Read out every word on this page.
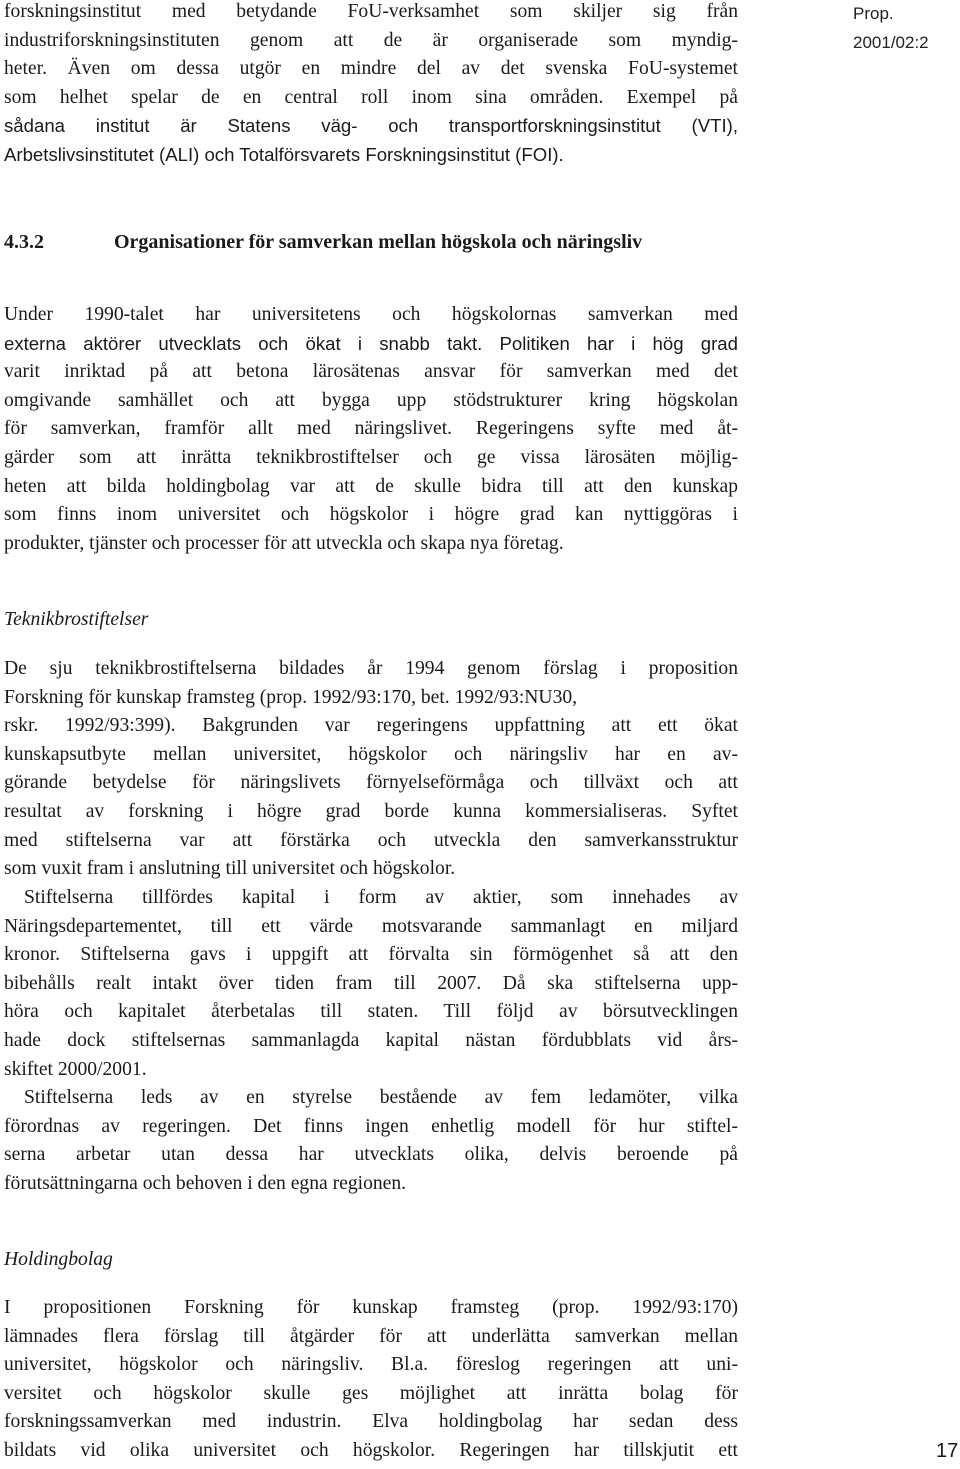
Prop. 2001/02:2
forskningsinstitut med betydande FoU-verksamhet som skiljer sig från
industriforskningsinstituten genom att de är organiserade som myndig-
heter. Även om dessa utgör en mindre del av det svenska FoU-systemet
som helhet spelar de en central roll inom sina områden. Exempel på
sådana institut är Statens väg- och transportforskningsinstitut (VTI),
Arbetslivsinstitutet (ALI) och Totalförsvarets Forskningsinstitut (FOI).
4.3.2	Organisationer för samverkan mellan högskola och näringsliv
Under 1990-talet har universitetens och högskolornas samverkan med
externa aktörer utvecklats och ökat i snabb takt. Politiken har i hög grad
varit inriktad på att betona lärosätenas ansvar för samverkan med det
omgivande samhället och att bygga upp stödstrukturer kring högskolan
för samverkan, framför allt med näringslivet. Regeringens syfte med åt-
gärder som att inrätta teknikbrostiftelser och ge vissa lärosäten möjlig-
heten att bilda holdingbolag var att de skulle bidra till att den kunskap
som finns inom universitet och högskolor i högre grad kan nyttiggöras i
produkter, tjänster och processer för att utveckla och skapa nya företag.
Teknikbrostiftelser
De sju teknikbrostiftelserna bildades år 1994 genom förslag i proposition
Forskning för kunskap framsteg (prop. 1992/93:170, bet. 1992/93:NU30,
rskr. 1992/93:399). Bakgrunden var regeringens uppfattning att ett ökat
kunskapsutbyte mellan universitet, högskolor och näringsliv har en av-
görande betydelse för näringslivets förnyelseförmåga och tillväxt och att
resultat av forskning i högre grad borde kunna kommersialiseras. Syftet
med stiftelserna var att förstärka och utveckla den samverkansstruktur
som vuxit fram i anslutning till universitet och högskolor.
Stiftelserna tillfördes kapital i form av aktier, som innehades av
Näringsdepartementet, till ett värde motsvarande sammanlagt en miljard
kronor. Stiftelserna gavs i uppgift att förvalta sin förmögenhet så att den
bibehålls realt intakt över tiden fram till 2007. Då ska stiftelserna upp-
höra och kapitalet återbetalas till staten. Till följd av börsutvecklingen
hade dock stiftelsernas sammanlagda kapital nästan fördubblats vid års-
skiftet 2000/2001.
Stiftelserna leds av en styrelse bestående av fem ledamöter, vilka
förordnas av regeringen. Det finns ingen enhetlig modell för hur stiftel-
serna arbetar utan dessa har utvecklats olika, delvis beroende på
förutsättningarna och behoven i den egna regionen.
Holdingbolag
I propositionen Forskning för kunskap framsteg (prop. 1992/93:170)
lämnades flera förslag till åtgärder för att underlätta samverkan mellan
universitet, högskolor och näringsliv. Bl.a. föreslog regeringen att uni-
versitet och högskolor skulle ges möjlighet att inrätta bolag för
forskningssamverkan med industrin. Elva holdingbolag har sedan dess
bildats vid olika universitet och högskolor. Regeringen har tillskjutit ett	17
